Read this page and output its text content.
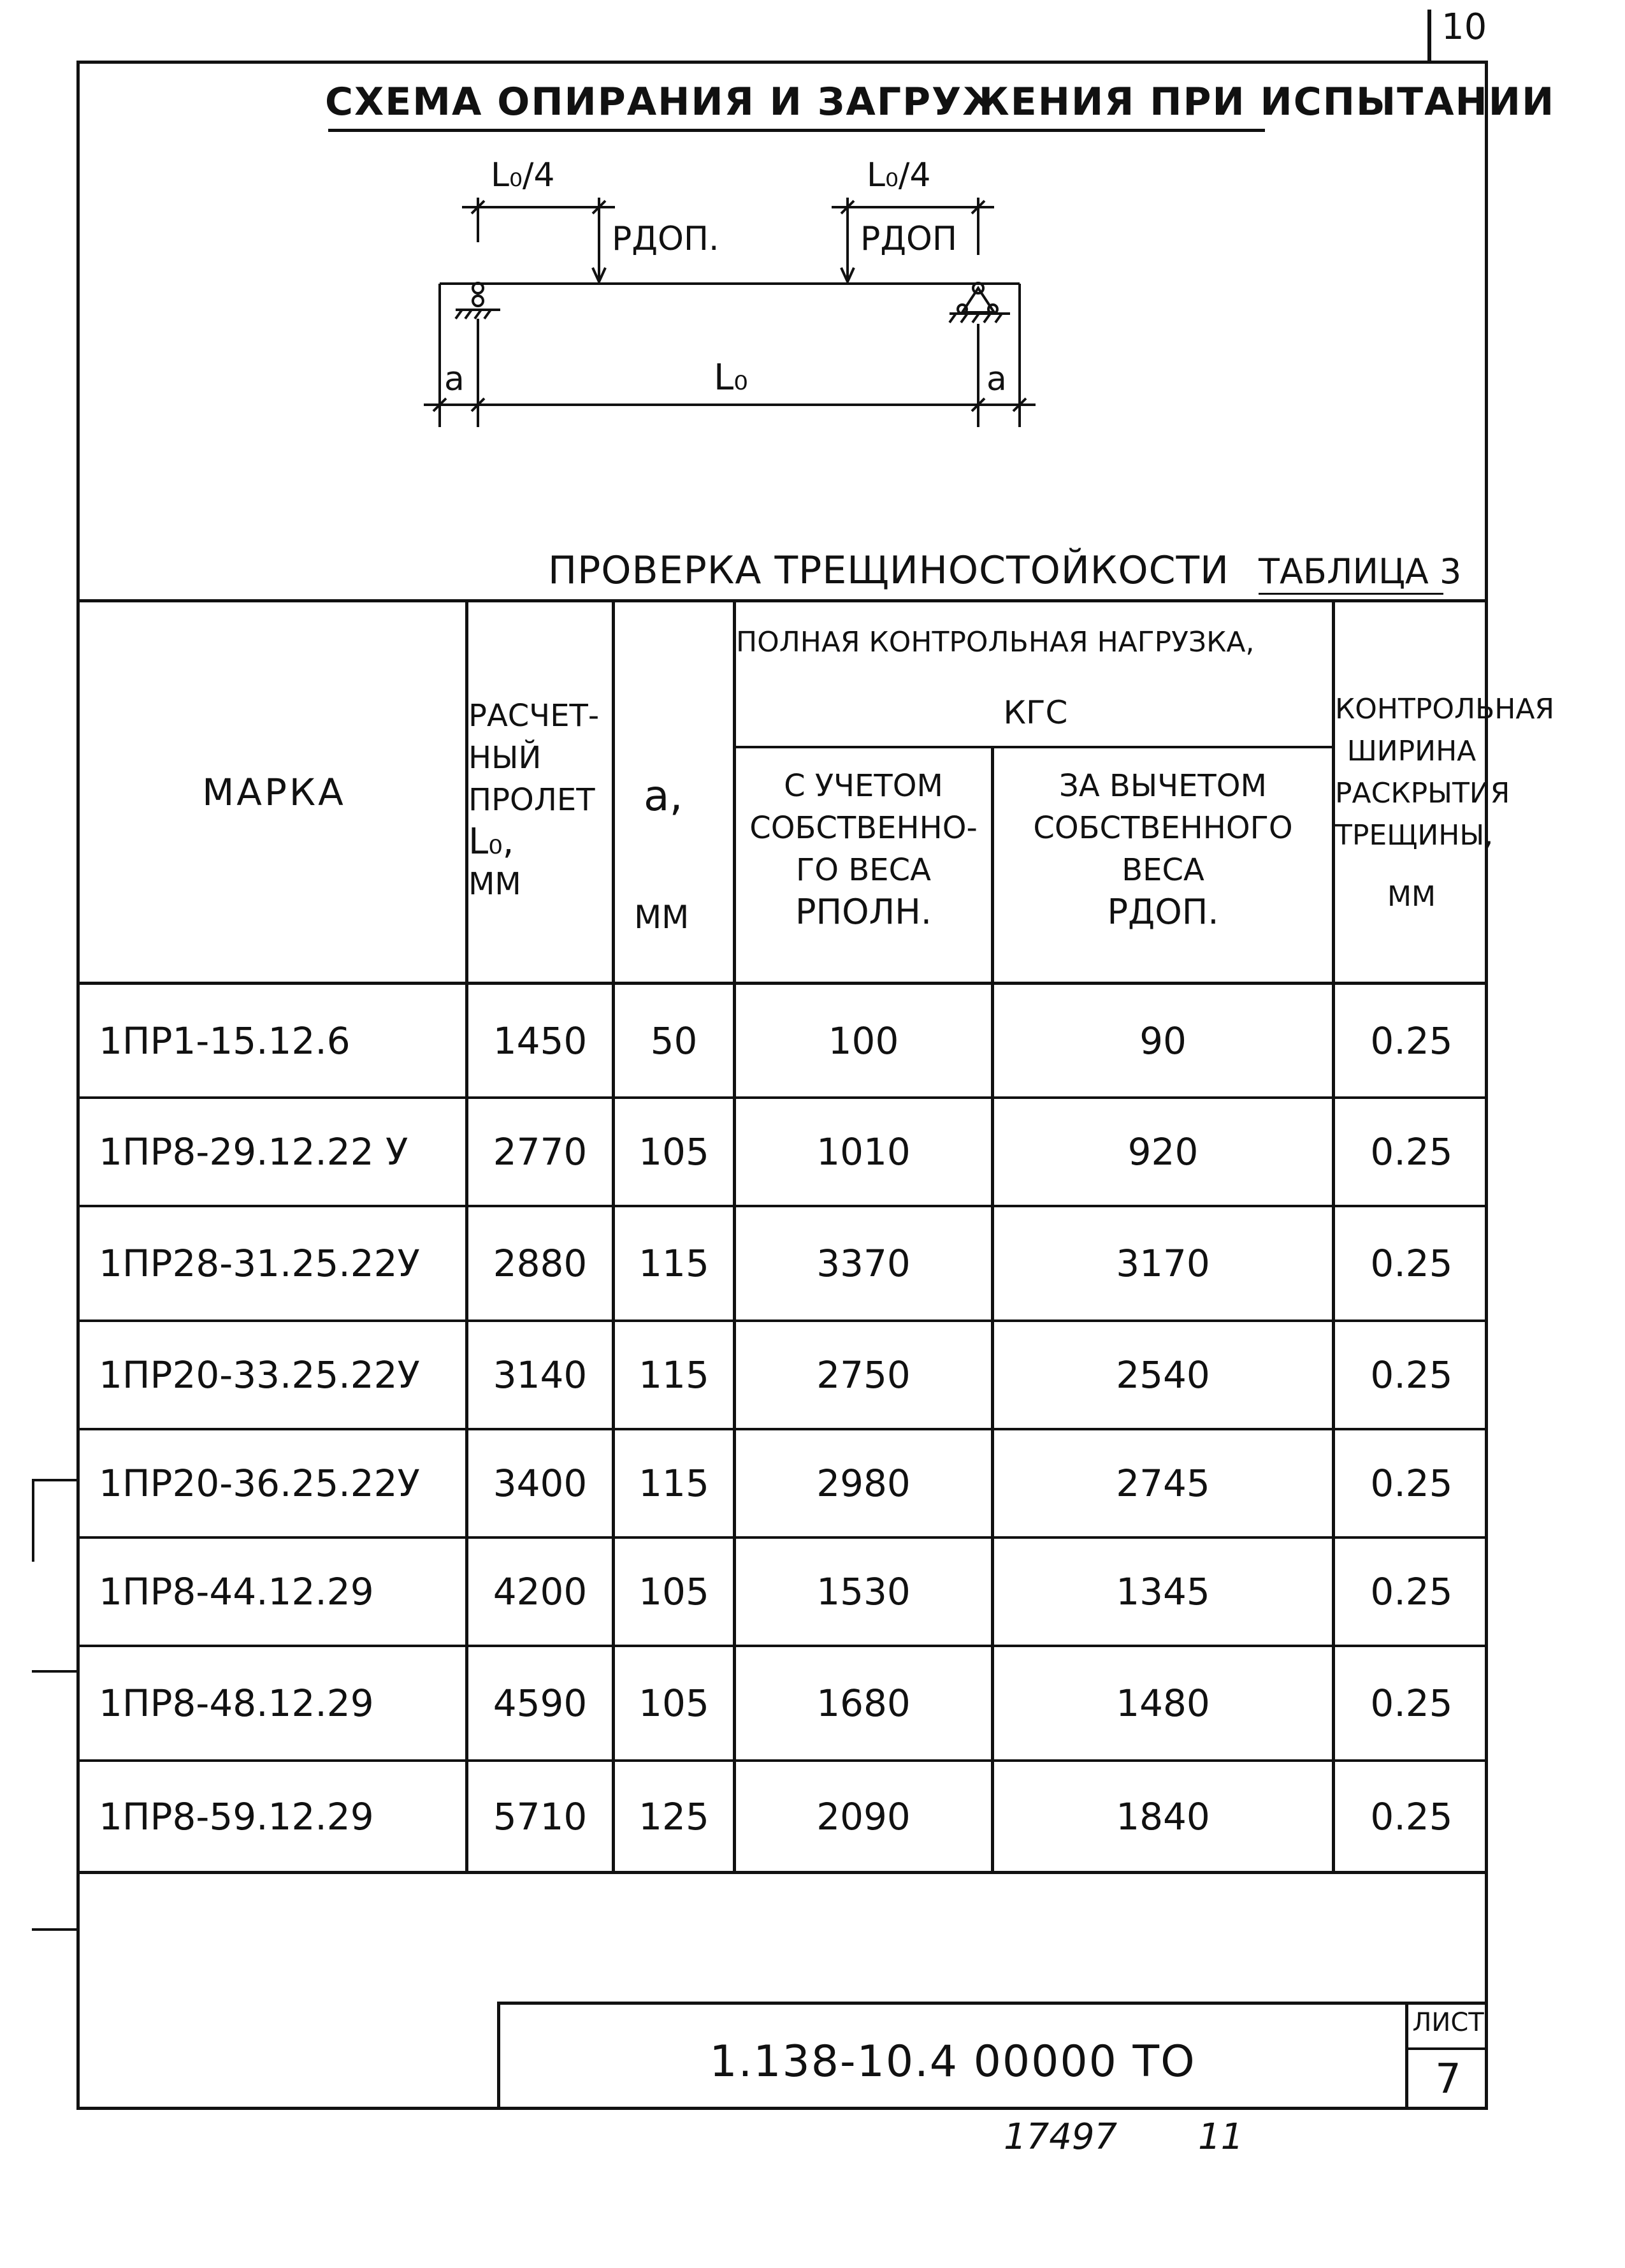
10
СХЕМА ОПИРАНИЯ И ЗАГРУЖЕНИЯ ПРИ ИСПЫТАНИИ
L₀/4	L₀/4
PДОП.	PДОП
a	L₀	a
ПРОВЕРКА ТРЕЩИНОСТОЙКОСТИ ТАБЛИЦА 3
МАРКА
РАСЧЕТ-
НЫЙ
ПРОЛЕТ
L₀,
ММ
a,
ММ
ПОЛНАЯ КОНТРОЛЬНАЯ НАГРУЗКА,
КГС
С УЧЕТОМ
СОБСТВЕННО-
ГО ВЕСА
PПОЛН.
ЗА ВЫЧЕТОМ
СОБСТВЕННОГО
ВЕСА
PДОП.
КОНТРОЛЬНАЯ
ШИРИНА
РАСКРЫТИЯ
ТРЕЩИНЫ,
ММ
1ПР1-15.12.6	1450	50	100	90	0.25
1ПР8-29.12.22 У	2770	105	1010	920	0.25
1ПР28-31.25.22У	2880	115	3370	3170	0.25
1ПР20-33.25.22У	3140	115	2750	2540	0.25
1ПР20-36.25.22У	3400	115	2980	2745	0.25
1ПР8-44.12.29	4200	105	1530	1345	0.25
1ПР8-48.12.29	4590	105	1680	1480	0.25
1ПР8-59.12.29	5710	125	2090	1840	0.25
1.138-10.4 00000 ТО
ЛИСТ
7
17497 11
